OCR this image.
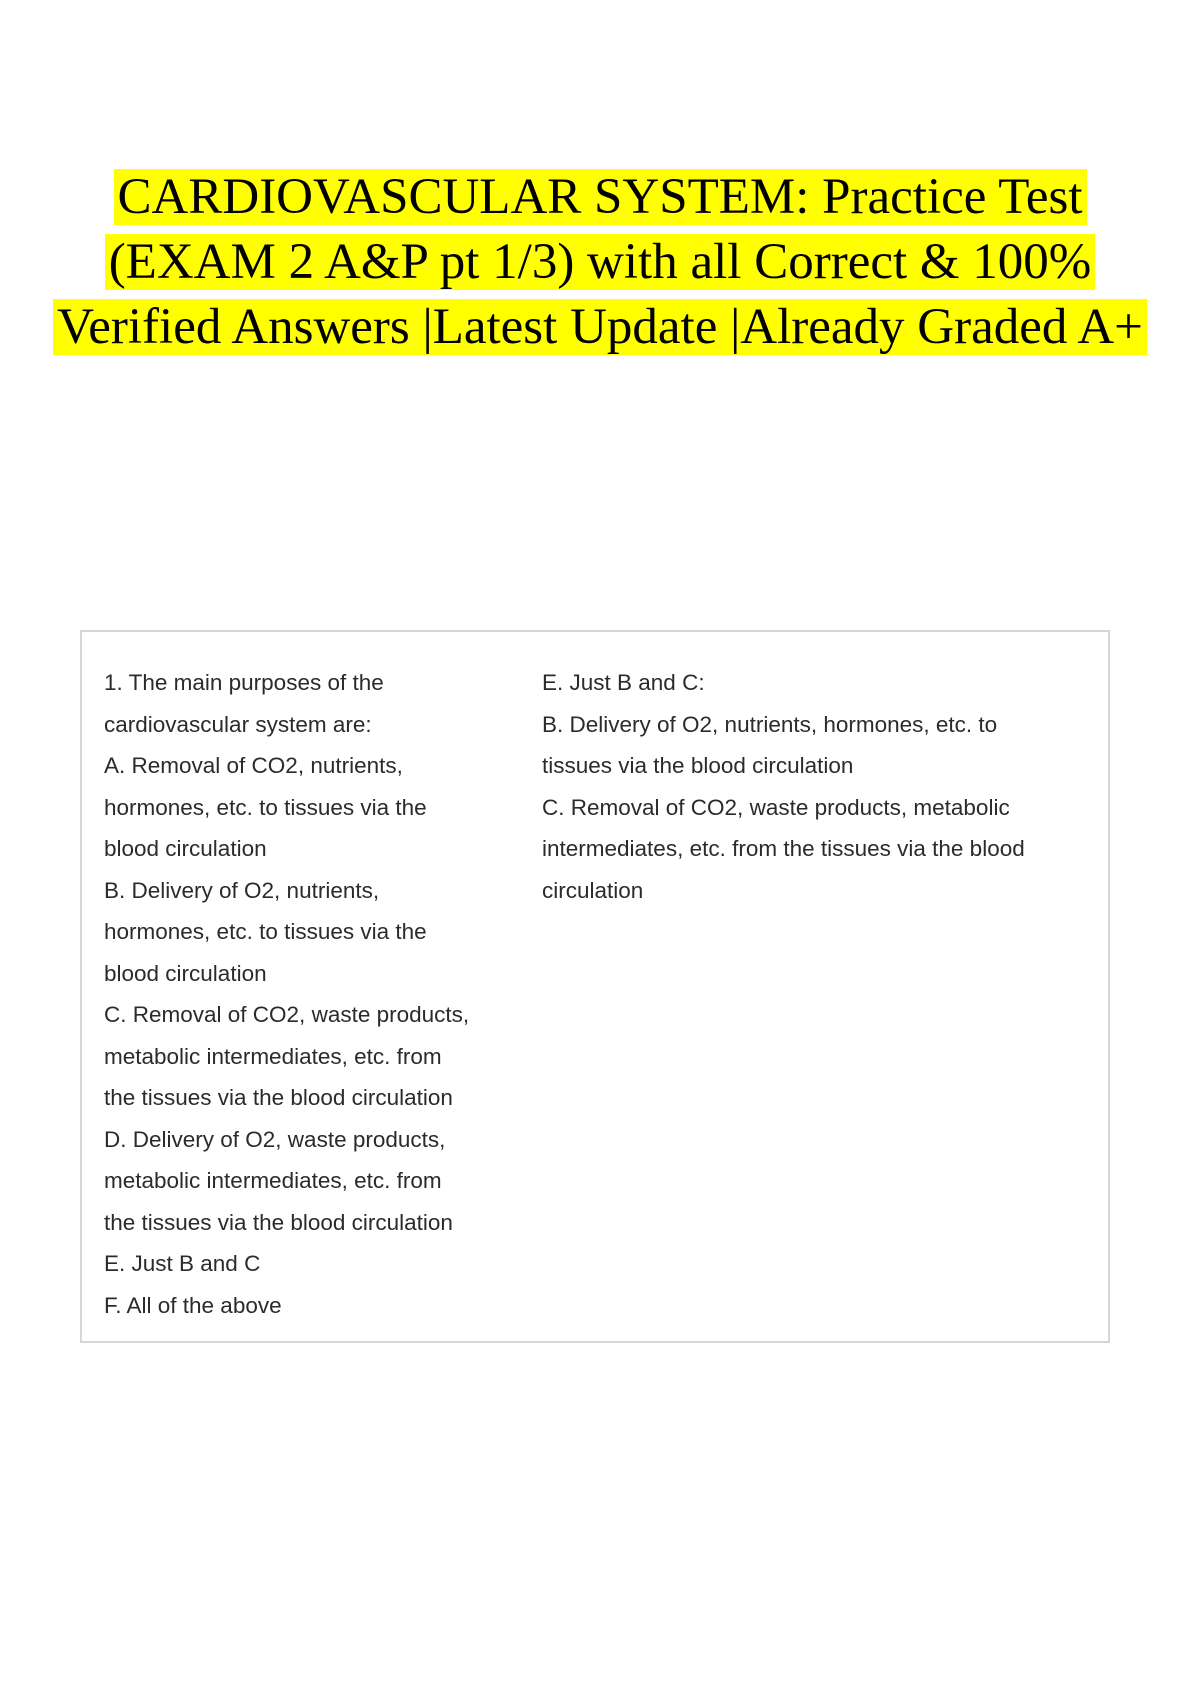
CARDIOVASCULAR SYSTEM: Practice Test
(EXAM 2 A&P pt 1/3) with all Correct & 100%
Verified Answers |Latest Update |Already Graded A+
1. The main purposes of the
cardiovascular system are:
A. Removal of CO2, nutrients,
hormones, etc. to tissues via the
blood circulation
B. Delivery of O2, nutrients,
hormones, etc. to tissues via the
blood circulation
C. Removal of CO2, waste products,
metabolic intermediates, etc. from
the tissues via the blood circulation
D. Delivery of O2, waste products,
metabolic intermediates, etc. from
the tissues via the blood circulation
E. Just B and C
F. All of the above
E. Just B and C:
B. Delivery of O2, nutrients, hormones, etc. to
tissues via the blood circulation
C. Removal of CO2, waste products, metabolic
intermediates, etc. from the tissues via the blood
circulation
